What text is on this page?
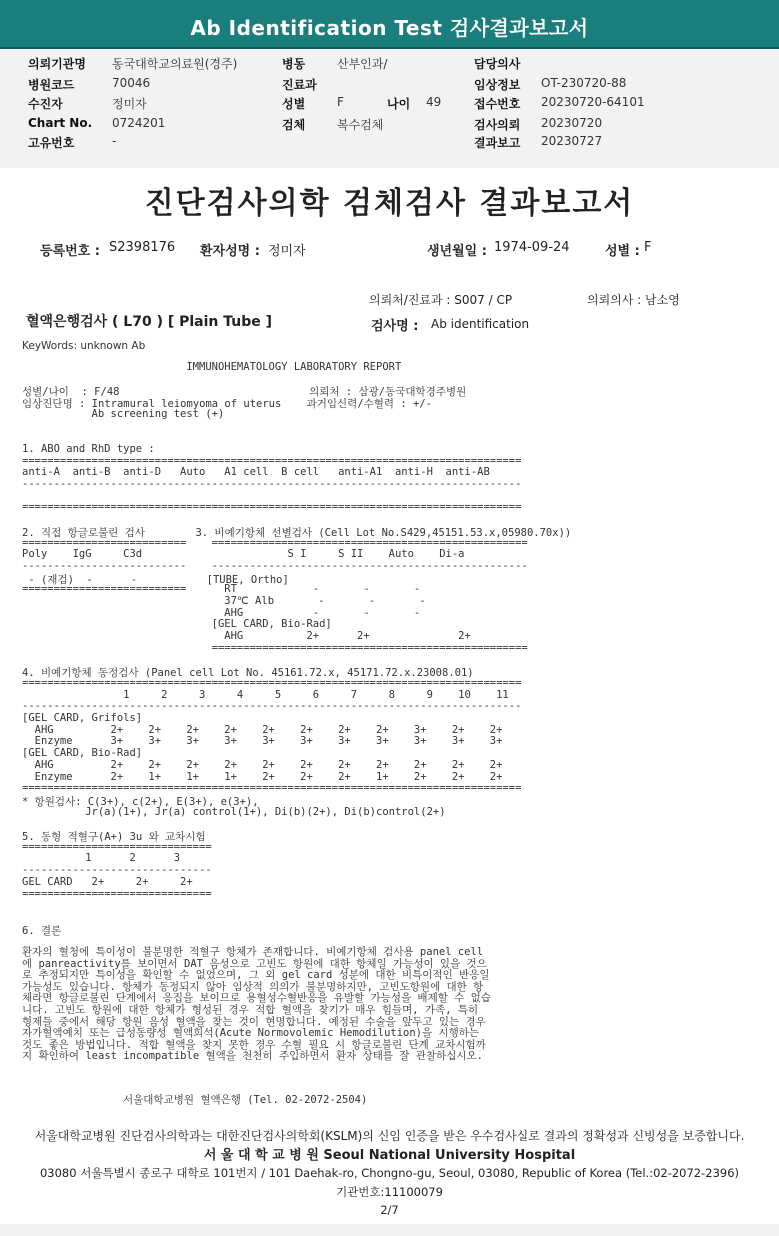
Ab Identification Test 검사결과보고서
의뢰기관명 동국대학교의료원(경주)
병원코드	70046
수진자	정미자
Chart No. 0724201
고유번호	-
병동	산부인과/
진료과
성별	F	나이 49
검체	복수검체
담당의사
임상정보 OT-230720-88
접수번호 20230720-64101
검사의뢰 20230720
결과보고 20230727
진단검사의학 검체검사 결과보고서
등록번호 : S2398176 환자성명 : 정미자	생년월일 : 1974-09-24	성별 : F
의뢰처/진료과 : S007 / CP	의뢰의사 : 남소영
혈액은행검사 ( L70 ) [ Plain Tube ]	검사명 : Ab identification
KeyWords: unknown Ab
IMMUNOHEMATOLOGY LABORATORY REPORT
성별/나이  : F/48                              의뢰처 : 삼광/동국대학경주병원
임상진단명 : Intramural leiomyoma of uterus    과거임신력/수혈력 : +/-
Ab screening test (+)
1. ABO and RhD type :
===============================================================================
anti-A  anti-B  anti-D   Auto   A1 cell  B cell   anti-A1  anti-H  anti-AB
-------------------------------------------------------------------------------
===============================================================================
2. 직접 항글로불린 검사        3. 비예기항체 선별검사 (Cell Lot No.S429,45151.53.x,05980.70x))
==========================    ==================================================
Poly    IgG     C3d                       S I     S II    Auto    Di-a
--------------------------    --------------------------------------------------
- (재검)  -      -           [TUBE, Ortho]
==========================      RT            -       -       -
37℃ Alb       -       -       -
AHG           -       -       -
[GEL CARD, Bio-Rad]
AHG          2+      2+              2+
==================================================
4. 비예기항체 동정검사 (Panel cell Lot No. 45161.72.x, 45171.72.x.23008.01)
===============================================================================
1     2     3     4     5     6     7     8     9    10    11
-------------------------------------------------------------------------------
[GEL CARD, Grifols]
AHG         2+    2+    2+    2+    2+    2+    2+    2+    3+    2+    2+
Enzyme      3+    3+    3+    3+    3+    3+    3+    3+    3+    3+    3+
[GEL CARD, Bio-Rad]
AHG         2+    2+    2+    2+    2+    2+    2+    2+    2+    2+    2+
Enzyme      2+    1+    1+    1+    2+    2+    2+    1+    2+    2+    2+
===============================================================================
* 항원검사: C(3+), c(2+), E(3+), e(3+),
Jr(a)(1+), Jr(a) control(1+), Di(b)(2+), Di(b)control(2+)
5. 동형 적혈구(A+) 3u 와 교차시험
==============================
1      2      3
------------------------------
GEL CARD   2+     2+     2+
==============================
6. 결론
환자의 혈청에 특이성이 불분명한 적혈구 항체가 존재합니다. 비예기항체 검사용 panel cell에 panreactivity를 보이면서 DAT 음성으로 고빈도 항원에 대한 항체일 가능성이 있을 것으로 추정되지만 특이성을 확인할 수 없었으며, 그 외 gel card 성분에 대한 비특이적인 반응일 가능성도 있습니다. 항체가 동정되지 않아 임상적 의의가 불분명하지만, 고빈도항원에 대한 항체라면 항글로불린 단계에서 응집을 보이므로 용혈성수혈반응을 유발할 가능성을 배제할 수 없습니다. 고빈도 항원에 대한 항체가 형성된 경우 적합 혈액을 찾기가 매우 힘들며, 가족, 특히 형제들 중에서 해당 항원 음성 혈액을 찾는 것이 현명합니다. 예정된 수술을 앞두고 있는 경우 자가혈액예치 또는 급성동량성 혈액희석(Acute Normovolemic Hemodilution)을 시행하는 것도 좋은 방법입니다. 적합 혈액을 찾지 못한 경우 수혈 필요 시 항글로불린 단계 교차시험까지 확인하여 least incompatible 혈액을 천천히 주입하면서 환자 상태를 잘 관찰하십시오.
서울대학교병원 혈액은행 (Tel. 02-2072-2504)
서울대학교병원 진단검사의학과는 대한진단검사의학회(KSLM)의 신임 인증을 받은 우수검사실로 결과의 정확성과 신빙성을 보증합니다.
서 울 대 학 교 병 원 Seoul National University Hospital
03080 서울특별시 종로구 대학로 101번지 / 101 Daehak-ro, Chongno-gu, Seoul, 03080, Republic of Korea (Tel.:02-2072-2396)
기관번호:11100079
2/7
